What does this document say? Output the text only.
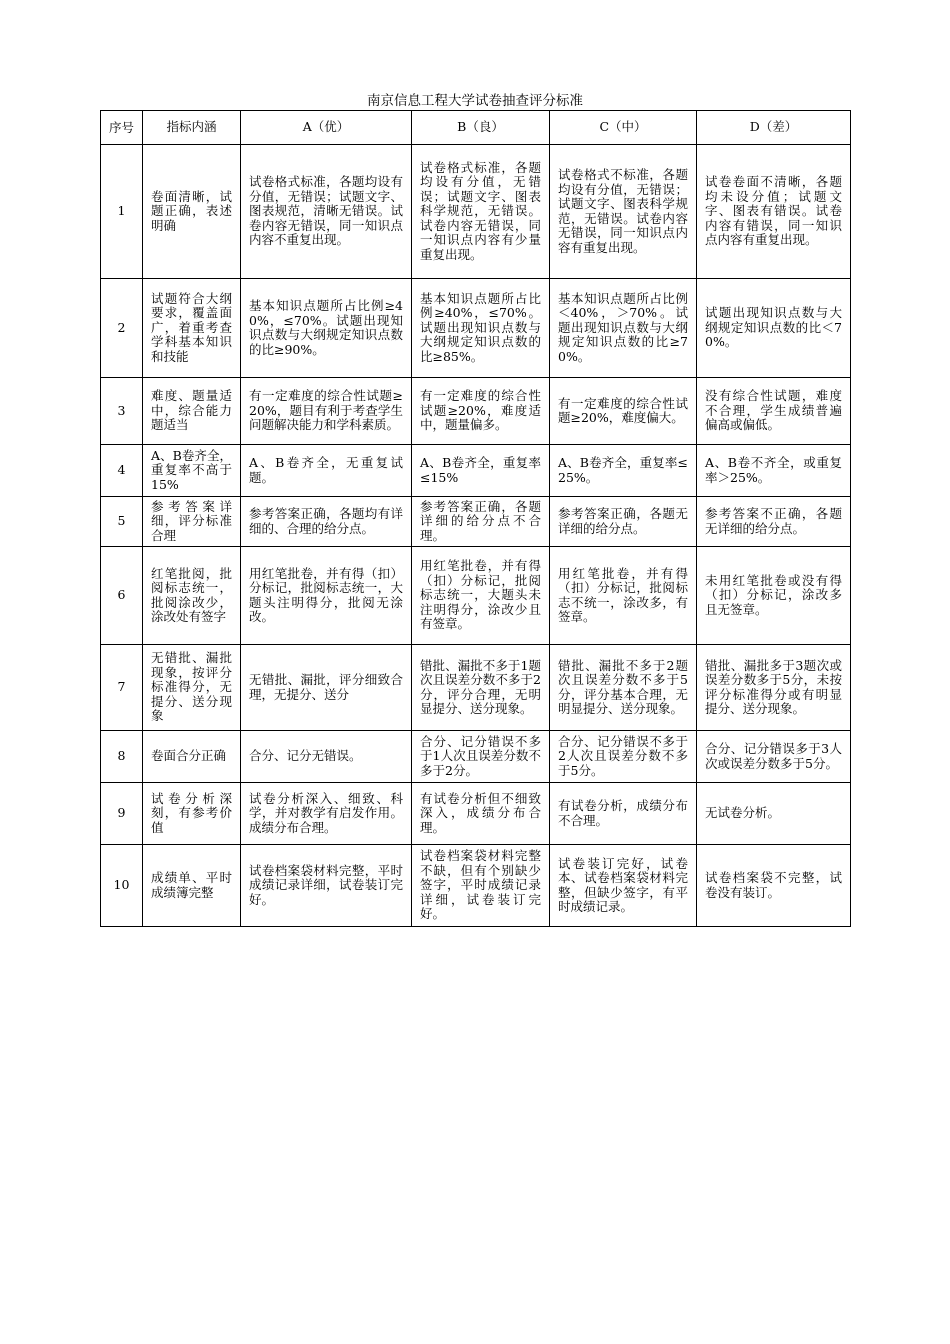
南京信息工程大学试卷抽查评分标准
序号	指标内涵	A（优）	B（良）	C（中）	D（差）
1	卷面清晰，试题正确，表述明确	试卷格式标准，各题均设有分值，无错误；试题文字、图表规范，清晰无错误。试卷内容无错误，同一知识点内容不重复出现。	试卷格式标准，各题均设有分值，无错误；试题文字、图表科学规范，无错误。试卷内容无错误，同一知识点内容有少量重复出现。	试卷格式不标准，各题均设有分值，无错误；试题文字、图表科学规范，无错误。试卷内容无错误，同一知识点内容有重复出现。	试卷卷面不清晰，各题均未设分值；试题文字、图表有错误。试卷内容有错误，同一知识点内容有重复出现。
2	试题符合大纲要求，覆盖面广，着重考查学科基本知识和技能	基本知识点题所占比例≥40%，≤70%。试题出现知识点数与大纲规定知识点数的比≥90%。	基本知识点题所占比例≥40%，≤70%。试题出现知识点数与大纲规定知识点数的比≥85%。	基本知识点题所占比例＜40%，＞70%。试题出现知识点数与大纲规定知识点数的比≥70%。	试题出现知识点数与大纲规定知识点数的比＜70%。
3	难度、题量适中，综合能力题适当	有一定难度的综合性试题≥20%，题目有利于考查学生问题解决能力和学科素质。	有一定难度的综合性试题≥20%，难度适中，题量偏多。	有一定难度的综合性试题≥20%，难度偏大。	没有综合性试题，难度不合理，学生成绩普遍偏高或偏低。
4	A、B卷齐全，重复率不高于15%	A、B卷齐全，无重复试题。	A、B卷齐全，重复率≤15%	A、B卷齐全，重复率≤25%。	A、B卷不齐全，或重复率＞25%。
5	参考答案详细，评分标准合理	参考答案正确，各题均有详细的、合理的给分点。	参考答案正确，各题详细的给分点不合理。	参考答案正确，各题无详细的给分点。	参考答案不正确，各题无详细的给分点。
6	红笔批阅，批阅标志统一，批阅涂改少，涂改处有签字	用红笔批卷，并有得（扣）分标记，批阅标志统一，大题头注明得分，批阅无涂改。	用红笔批卷，并有得（扣）分标记，批阅标志统一，大题头未注明得分，涂改少且有签章。	用红笔批卷，并有得（扣）分标记，批阅标志不统一，涂改多，有签章。	未用红笔批卷或没有得（扣）分标记，涂改多且无签章。
7	无错批、漏批现象，按评分标准得分，无提分、送分现象	无错批、漏批，评分细致合理，无提分、送分	错批、漏批不多于1题次且误差分数不多于2分，评分合理，无明显提分、送分现象。	错批、漏批不多于2题次且误差分数不多于5分，评分基本合理，无明显提分、送分现象。	错批、漏批多于3题次或误差分数多于5分，未按评分标准得分或有明显提分、送分现象。
8	卷面合分正确	合分、记分无错误。	合分、记分错误不多于1人次且误差分数不多于2分。	合分、记分错误不多于2人次且误差分数不多于5分。	合分、记分错误多于3人次或误差分数多于5分。
9	试卷分析深刻，有参考价值	试卷分析深入、细致、科学，并对教学有启发作用。成绩分布合理。	有试卷分析但不细致深入，成绩分布合理。	有试卷分析，成绩分布不合理。	无试卷分析。
10	成绩单、平时成绩簿完整	试卷档案袋材料完整，平时成绩记录详细，试卷装订完好。	试卷档案袋材料完整不缺，但有个别缺少签字，平时成绩记录详细，试卷装订完好。	试卷装订完好，试卷本、试卷档案袋材料完整，但缺少签字，有平时成绩记录。	试卷档案袋不完整，试卷没有装订。
